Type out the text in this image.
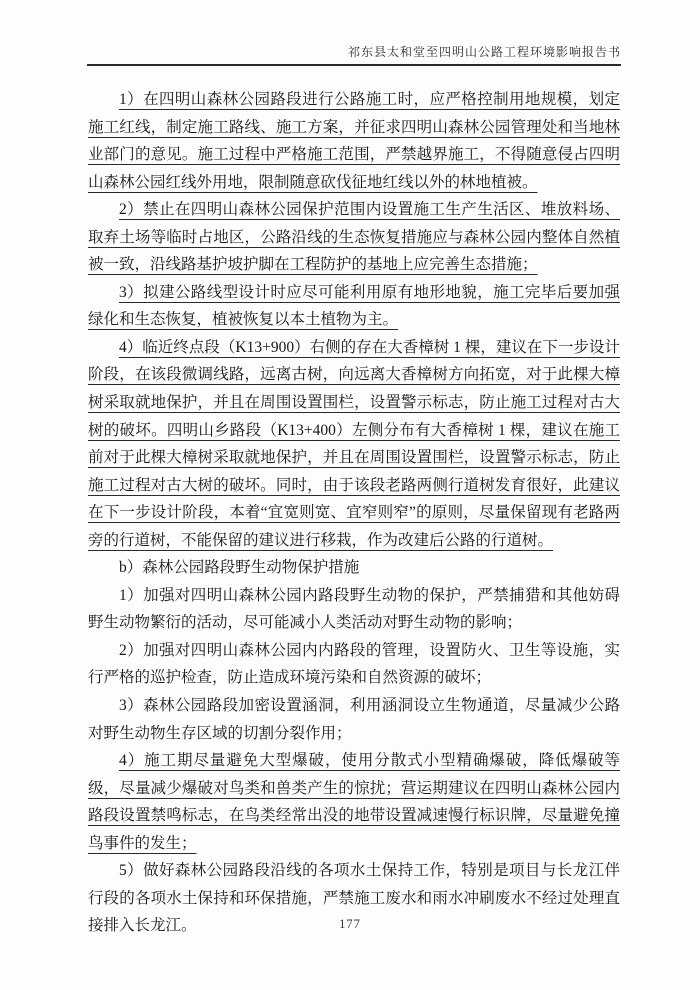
祁东县太和堂至四明山公路工程环境影响报告书

1）在四明山森林公园路段进行公路施工时，应严格控制用地规模，划定施工红线，制定施工路线、施工方案，并征求四明山森林公园管理处和当地林业部门的意见。施工过程中严格施工范围，严禁越界施工，不得随意侵占四明山森林公园红线外用地，限制随意砍伐征地红线以外的林地植被。

2）禁止在四明山森林公园保护范围内设置施工生产生活区、堆放料场、取弃土场等临时占地区，公路沿线的生态恢复措施应与森林公园内整体自然植被一致，沿线路基护坡护脚在工程防护的基地上应完善生态措施；

3）拟建公路线型设计时应尽可能利用原有地形地貌，施工完毕后要加强绿化和生态恢复，植被恢复以本土植物为主。

4）临近终点段（K13+900）右侧的存在大香樟树 1 棵，建议在下一步设计阶段，在该段微调线路，远离古树，向远离大香樟树方向拓宽，对于此棵大樟树采取就地保护，并且在周围设置围栏，设置警示标志，防止施工过程对古大树的破坏。四明山乡路段（K13+400）左侧分布有大香樟树 1 棵，建议在施工前对于此棵大樟树采取就地保护，并且在周围设置围栏，设置警示标志，防止施工过程对古大树的破坏。同时，由于该段老路两侧行道树发育很好，此建议在下一步设计阶段，本着“宜宽则宽、宜窄则窄”的原则，尽量保留现有老路两旁的行道树，不能保留的建议进行移栽，作为改建后公路的行道树。

b）森林公园路段野生动物保护措施

1）加强对四明山森林公园内路段野生动物的保护，严禁捕猎和其他妨碍野生动物繁衍的活动，尽可能减小人类活动对野生动物的影响；

2）加强对四明山森林公园内内路段的管理，设置防火、卫生等设施，实行严格的巡护检查，防止造成环境污染和自然资源的破坏；

3）森林公园路段加密设置涵洞，利用涵洞设立生物通道，尽量减少公路对野生动物生存区域的切割分裂作用；

4）施工期尽量避免大型爆破，使用分散式小型精确爆破，降低爆破等级，尽量减少爆破对鸟类和兽类产生的惊扰；营运期建议在四明山森林公园内路段设置禁鸣标志，在鸟类经常出没的地带设置减速慢行标识牌，尽量避免撞鸟事件的发生；

5）做好森林公园路段沿线的各项水土保持工作，特别是项目与长龙江伴行段的各项水土保持和环保措施，严禁施工废水和雨水冲刷废水不经过处理直接排入长龙江。	177
